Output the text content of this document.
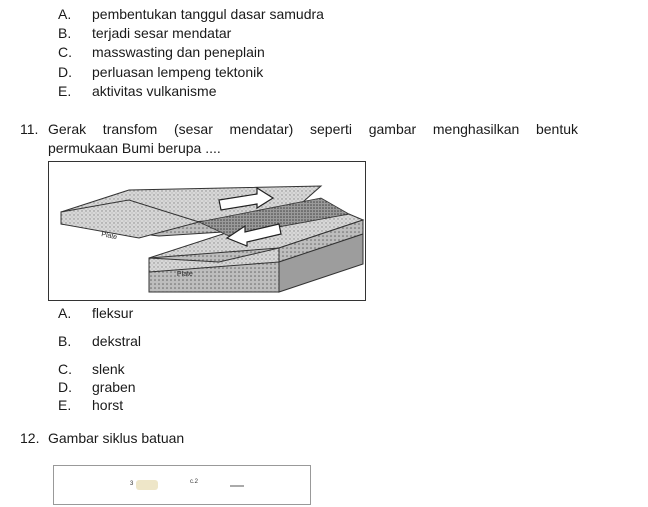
A. pembentukan tanggul dasar samudra
B. terjadi sesar mendatar
C. masswasting dan peneplain
D. perluasan lempeng tektonik
E. aktivitas vulkanisme
11. Gerak transfom (sesar mendatar) seperti gambar menghasilkan bentuk
permukaan Bumi berupa ....
Plate
Plate
A. fleksur
B. dekstral
C. slenk
D. graben
E. horst
12. Gambar siklus batuan
3	c.2
